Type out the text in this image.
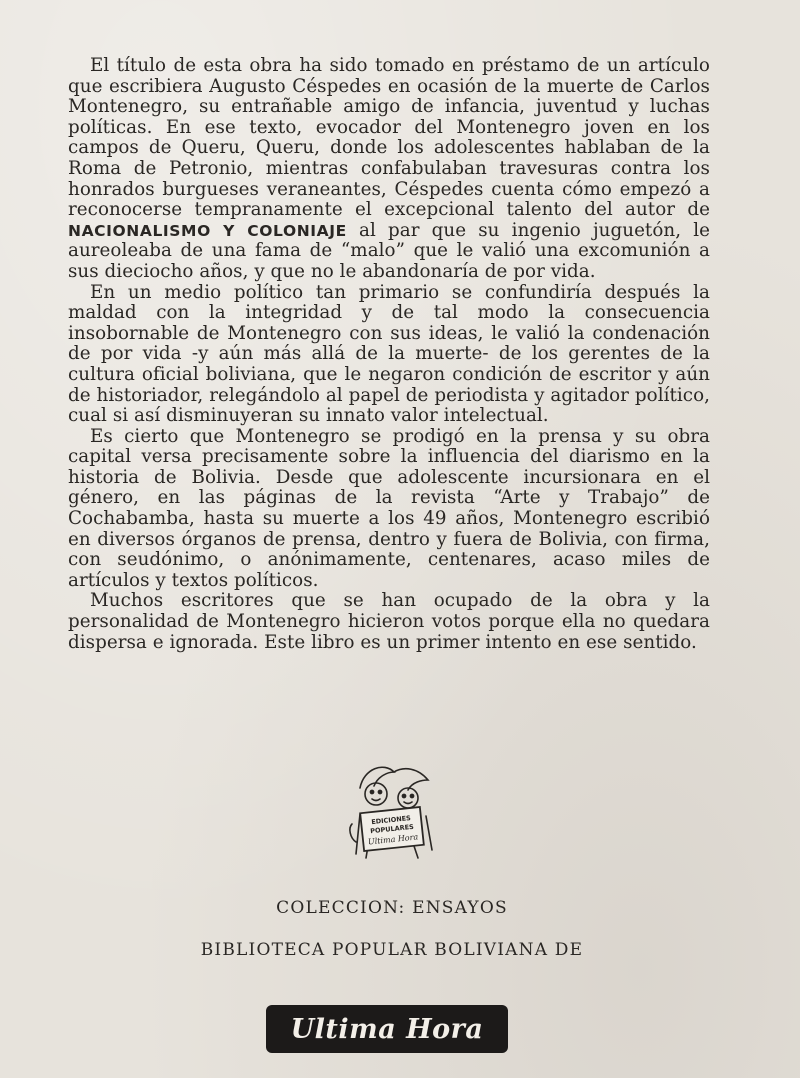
El título de esta obra ha sido tomado en préstamo de un artículo que escribiera Augusto Céspedes en ocasión de la muerte de Carlos Montenegro, su entrañable amigo de infancia, juventud y luchas políticas. En ese texto, evocador del Montenegro joven en los campos de Queru, Queru, donde los adolescentes hablaban de la Roma de Petronio, mientras confabulaban travesuras contra los honrados burgueses veraneantes, Céspedes cuenta cómo empezó a reconocerse tempranamente el excepcional talento del autor de NACIONALISMO Y COLONIAJE al par que su ingenio juguetón, le aureoleaba de una fama de “malo” que le valió una excomunión a sus dieciocho años, y que no le abandonaría de por vida.

En un medio político tan primario se confundiría después la maldad con la integridad y de tal modo la consecuencia insobornable de Montenegro con sus ideas, le valió la condenación de por vida -y aún más allá de la muerte- de los gerentes de la cultura oficial boliviana, que le negaron condición de escritor y aún de historiador, relegándolo al papel de periodista y agitador político, cual si así disminuyeran su innato valor intelectual.

Es cierto que Montenegro se prodigó en la prensa y su obra capital versa precisamente sobre la influencia del diarismo en la historia de Bolivia. Desde que adolescente incursionara en el género, en las páginas de la revista “Arte y Trabajo” de Cochabamba, hasta su muerte a los 49 años, Montenegro escribió en diversos órganos de prensa, dentro y fuera de Bolivia, con firma, con seudónimo, o anónimamente, centenares, acaso miles de artículos y textos políticos.

Muchos escritores que se han ocupado de la obra y la personalidad de Montenegro hicieron votos porque ella no quedara dispersa e ignorada. Este libro es un primer intento en ese sentido.

EDICIONES
POPULARES
Ultima Hora
COLECCION: ENSAYOS
BIBLIOTECA POPULAR BOLIVIANA DE
Ultima Hora
